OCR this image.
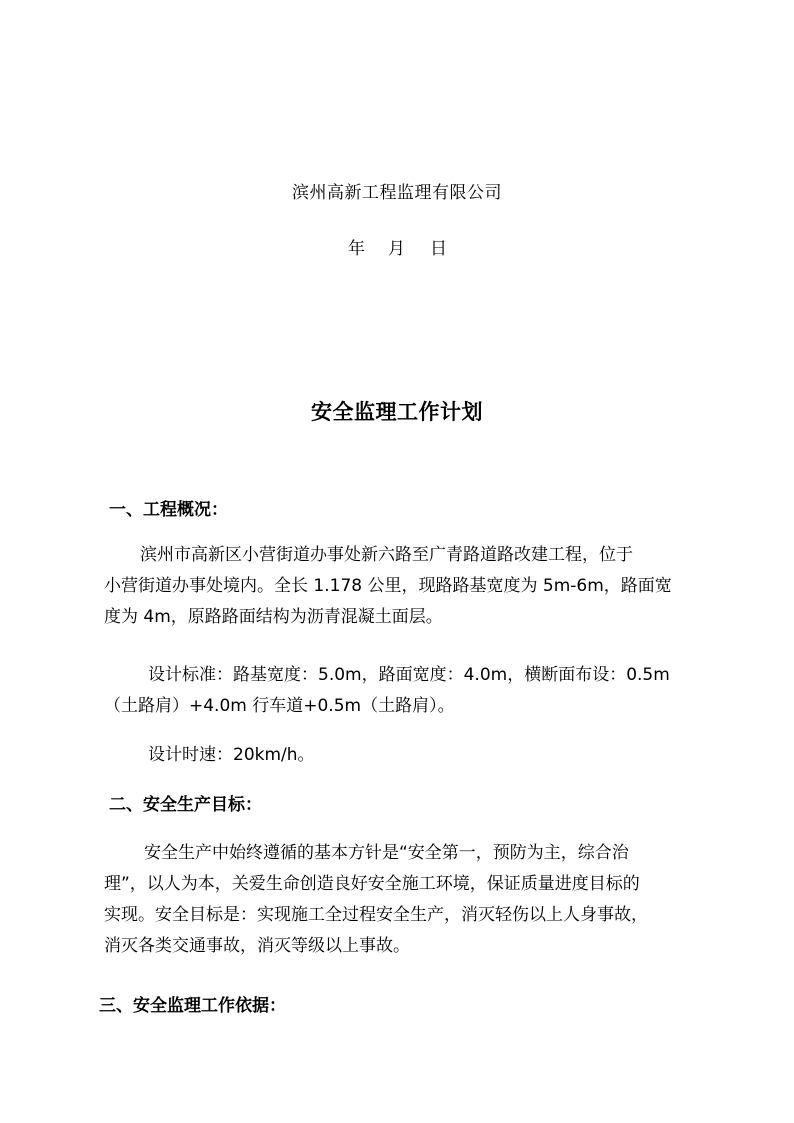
滨州高新工程监理有限公司
年 月 日
安全监理工作计划
一、工程概况：
滨州市高新区小营街道办事处新六路至广青路道路改建工程，位于
小营街道办事处境内。全长 1.178 公里，现路路基宽度为 5m-6m，路面宽
度为 4m，原路路面结构为沥青混凝土面层。
设计标准：路基宽度：5.0m，路面宽度：4.0m，横断面布设：0.5m
（土路肩）+4.0m 行车道+0.5m（土路肩）。
设计时速：20km/h。
二、安全生产目标：
安全生产中始终遵循的基本方针是“安全第一，预防为主，综合治
理”，以人为本，关爱生命创造良好安全施工环境，保证质量进度目标的
实现。安全目标是：实现施工全过程安全生产，消灭轻伤以上人身事故，
消灭各类交通事故，消灭等级以上事故。
三、安全监理工作依据：
